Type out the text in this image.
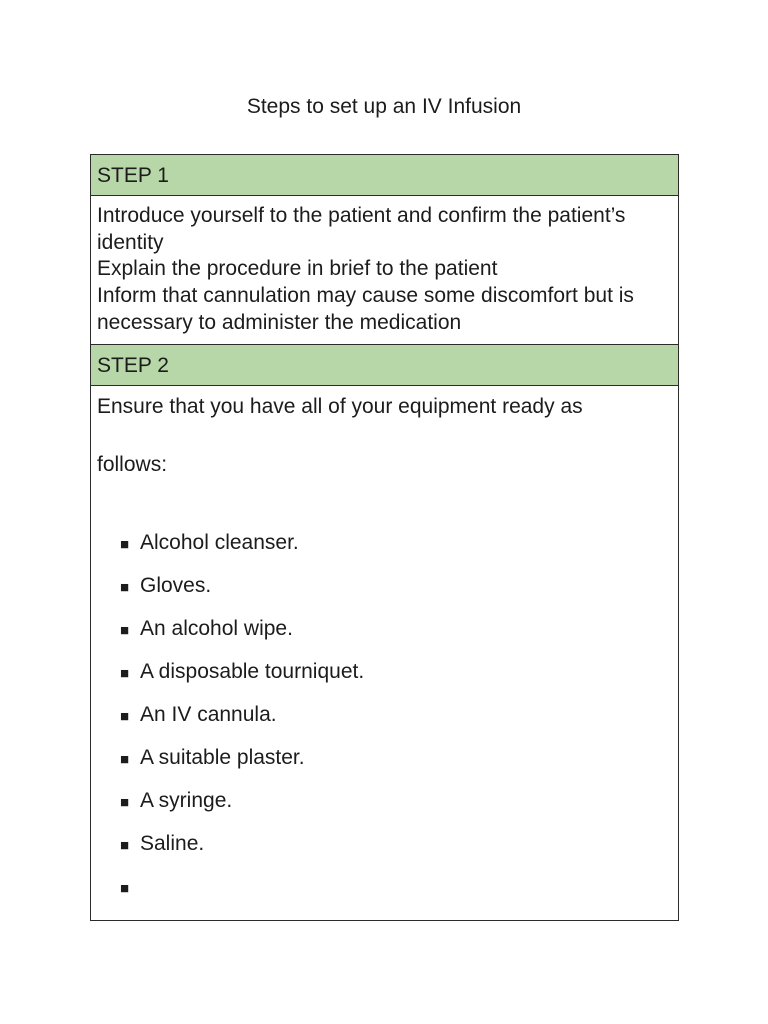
Steps to set up an IV Infusion
STEP 1

Introduce yourself to the patient and confirm the patient’s identity

Explain the procedure in brief to the patient

Inform that cannulation may cause some discomfort but is necessary to administer the medication

STEP 2

Ensure that you have all of your equipment ready as

follows:

■ Alcohol cleanser.
■ Gloves.
■ An alcohol wipe.
■ A disposable tourniquet.
■ An IV cannula.
■ A suitable plaster.
■ A syringe.
■ Saline.
■
